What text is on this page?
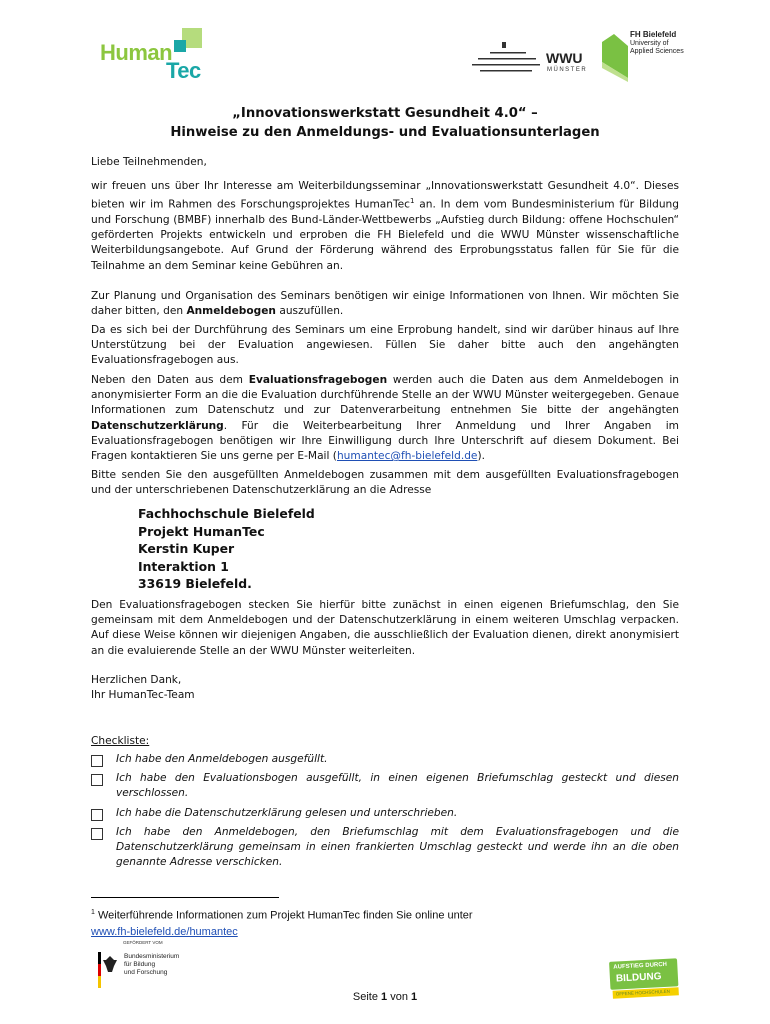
Human
Tec	WWU
MÜNSTER
FH Bielefeld
University of
Applied Sciences
„Innovationswerkstatt Gesundheit 4.0“ –
Hinweise zu den Anmeldungs- und Evaluationsunterlagen
Liebe Teilnehmenden,
wir freuen uns über Ihr Interesse am Weiterbildungsseminar „Innovationswerkstatt Gesundheit 4.0“. Dieses bieten wir im Rahmen des Forschungsprojektes HumanTec$^1$ an. In dem vom Bundesministerium für Bildung und Forschung (BMBF) innerhalb des Bund-Länder-Wettbewerbs „Aufstieg durch Bildung: offene Hochschulen“ geförderten Projekts entwickeln und erproben die FH Bielefeld und die WWU Münster wissenschaftliche Weiterbildungsangebote. Auf Grund der Förderung während des Erprobungsstatus fallen für Sie für die Teilnahme an dem Seminar keine Gebühren an.
Zur Planung und Organisation des Seminars benötigen wir einige Informationen von Ihnen. Wir möchten Sie daher bitten, den Anmeldebogen auszufüllen.
Da es sich bei der Durchführung des Seminars um eine Erprobung handelt, sind wir darüber hinaus auf Ihre Unterstützung bei der Evaluation angewiesen. Füllen Sie daher bitte auch den angehängten Evaluationsfragebogen aus.
Neben den Daten aus dem Evaluationsfragebogen werden auch die Daten aus dem Anmeldebogen in anonymisierter Form an die die Evaluation durchführende Stelle an der WWU Münster weitergegeben. Genaue Informationen zum Datenschutz und zur Datenverarbeitung entnehmen Sie bitte der angehängten Datenschutzerklärung. Für die Weiterbearbeitung Ihrer Anmeldung und Ihrer Angaben im Evaluationsfragebogen benötigen wir Ihre Einwilligung durch Ihre Unterschrift auf diesem Dokument. Bei Fragen kontaktieren Sie uns gerne per E-Mail (humantec@fh-bielefeld.de).
Bitte senden Sie den ausgefüllten Anmeldebogen zusammen mit dem ausgefüllten Evaluationsfragebogen und der unterschriebenen Datenschutzerklärung an die Adresse
Fachhochschule Bielefeld
Projekt HumanTec
Kerstin Kuper
Interaktion 1
33619 Bielefeld.
Den Evaluationsfragebogen stecken Sie hierfür bitte zunächst in einen eigenen Briefumschlag, den Sie gemeinsam mit dem Anmeldebogen und der Datenschutzerklärung in einem weiteren Umschlag verpacken. Auf diese Weise können wir diejenigen Angaben, die ausschließlich der Evaluation dienen, direkt anonymisiert an die evaluierende Stelle an der WWU Münster weiterleiten.
Herzlichen Dank,
Ihr HumanTec-Team
Checkliste:
Ich habe den Anmeldebogen ausgefüllt.
Ich habe den Evaluationsbogen ausgefüllt, in einen eigenen Briefumschlag gesteckt und diesen verschlossen.
Ich habe die Datenschutzerklärung gelesen und unterschrieben.
Ich habe den Anmeldebogen, den Briefumschlag mit dem Evaluationsfragebogen und die Datenschutzerklärung gemeinsam in einen frankierten Umschlag gesteckt und werde ihn an die oben genannte Adresse verschicken.
$^1$ Weiterführende Informationen zum Projekt HumanTec finden Sie online unter
www.fh-bielefeld.de/humantec
GEFÖRDERT VOM
Bundesministerium
für Bildung
und Forschung
AUFSTIEG DURCH
BILDUNG
OFFENE HOCHSCHULEN
Seite 1 von 1
